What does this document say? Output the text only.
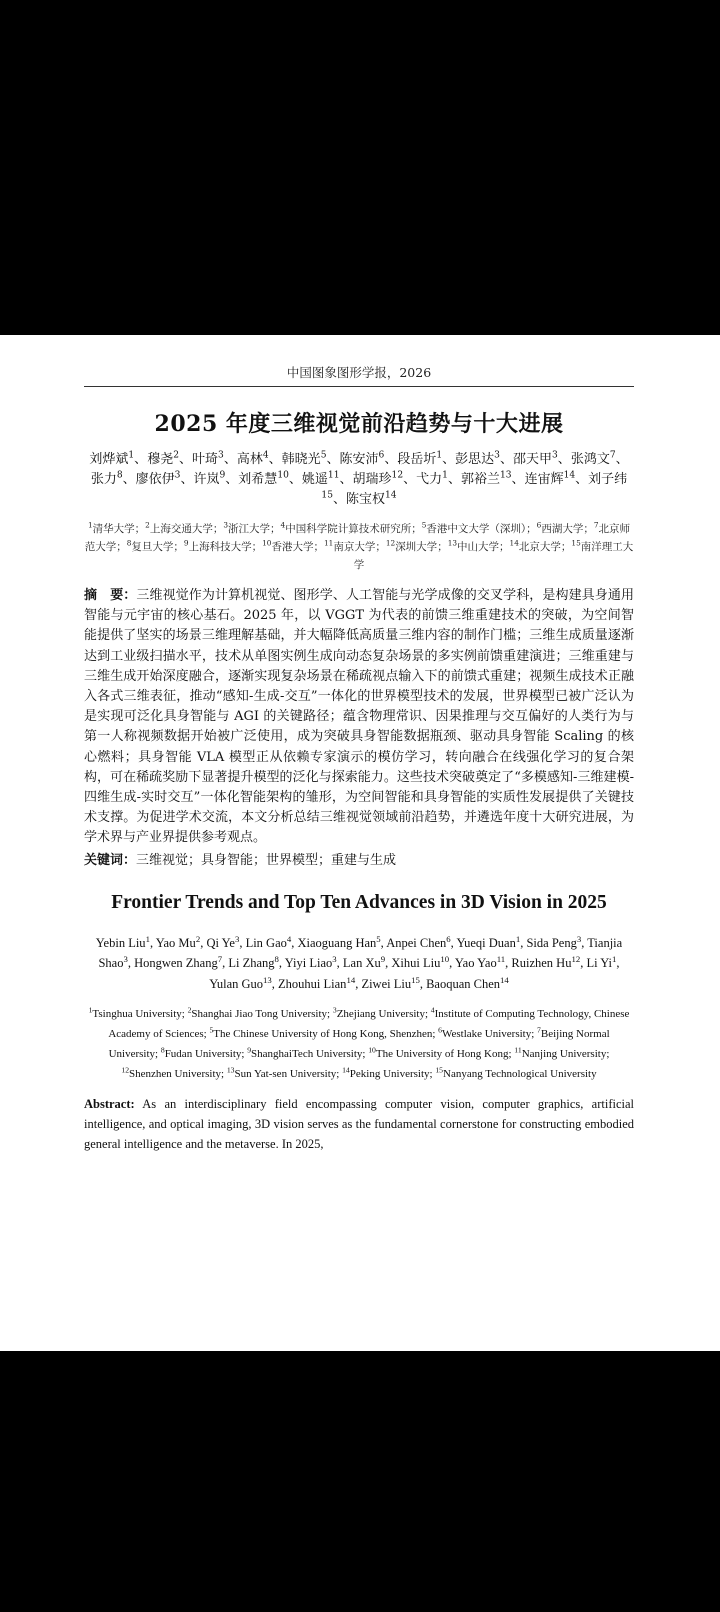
中国图象图形学报，2026
2025 年度三维视觉前沿趋势与十大进展
刘烨斌$^1$、穆尧$^2$、叶琦$^3$、高林$^4$、韩晓光$^5$、陈安沛$^6$、段岳圻$^1$、彭思达$^3$、邵天甲$^3$、张鸿文$^7$、张力$^8$、廖依伊$^3$、许岚$^9$、刘希慧$^{10}$、姚遥$^{11}$、胡瑞珍$^{12}$、弋力$^1$、郭裕兰$^{13}$、连宙辉$^{14}$、刘子纬$^{15}$、陈宝权$^{14}$
$^1$清华大学；$^2$上海交通大学；$^3$浙江大学；$^4$中国科学院计算技术研究所；$^5$香港中文大学（深圳）；$^6$西湖大学；$^7$北京师范大学；$^8$复旦大学；$^9$上海科技大学；$^{10}$香港大学；$^{11}$南京大学；$^{12}$深圳大学；$^{13}$中山大学；$^{14}$北京大学；$^{15}$南洋理工大学
摘　要：三维视觉作为计算机视觉、图形学、人工智能与光学成像的交叉学科，是构建具身通用智能与元宇宙的核心基石。2025 年，以 VGGT 为代表的前馈三维重建技术的突破，为空间智能提供了坚实的场景三维理解基础，并大幅降低高质量三维内容的制作门槛；三维生成质量逐渐达到工业级扫描水平，技术从单图实例生成向动态复杂场景的多实例前馈重建演进；三维重建与三维生成开始深度融合，逐渐实现复杂场景在稀疏视点输入下的前馈式重建；视频生成技术正融入各式三维表征，推动“感知-生成-交互”一体化的世界模型技术的发展，世界模型已被广泛认为是实现可泛化具身智能与 AGI 的关键路径；蕴含物理常识、因果推理与交互偏好的人类行为与第一人称视频数据开始被广泛使用，成为突破具身智能数据瓶颈、驱动具身智能 Scaling 的核心燃料；具身智能 VLA 模型正从依赖专家演示的模仿学习，转向融合在线强化学习的复合架构，可在稀疏奖励下显著提升模型的泛化与探索能力。这些技术突破奠定了“多模感知-三维建模-四维生成-实时交互”一体化智能架构的雏形，为空间智能和具身智能的实质性发展提供了关键技术支撑。为促进学术交流，本文分析总结三维视觉领域前沿趋势，并遴选年度十大研究进展，为学术界与产业界提供参考观点。
关键词：三维视觉；具身智能；世界模型；重建与生成
Frontier Trends and Top Ten Advances in 3D Vision in 2025
Yebin Liu$^1$, Yao Mu$^2$, Qi Ye$^3$, Lin Gao$^4$, Xiaoguang Han$^5$, Anpei Chen$^6$, Yueqi Duan$^1$, Sida Peng$^3$, Tianjia Shao$^3$, Hongwen Zhang$^7$, Li Zhang$^8$, Yiyi Liao$^3$, Lan Xu$^9$, Xihui Liu$^{10}$, Yao Yao$^{11}$, Ruizhen Hu$^{12}$, Li Yi$^1$, Yulan Guo$^{13}$, Zhouhui Lian$^{14}$, Ziwei Liu$^{15}$, Baoquan Chen$^{14}$
$^1$Tsinghua University; $^2$Shanghai Jiao Tong University; $^3$Zhejiang University; $^4$Institute of Computing Technology, Chinese Academy of Sciences; $^5$The Chinese University of Hong Kong, Shenzhen; $^6$Westlake University; $^7$Beijing Normal University; $^8$Fudan University; $^9$ShanghaiTech University; $^{10}$The University of Hong Kong; $^{11}$Nanjing University; $^{12}$Shenzhen University; $^{13}$Sun Yat-sen University; $^{14}$Peking University; $^{15}$Nanyang Technological University
Abstract: As an interdisciplinary field encompassing computer vision, computer graphics, artificial intelligence, and optical imaging, 3D vision serves as the fundamental cornerstone for constructing embodied general intelligence and the metaverse. In 2025,
